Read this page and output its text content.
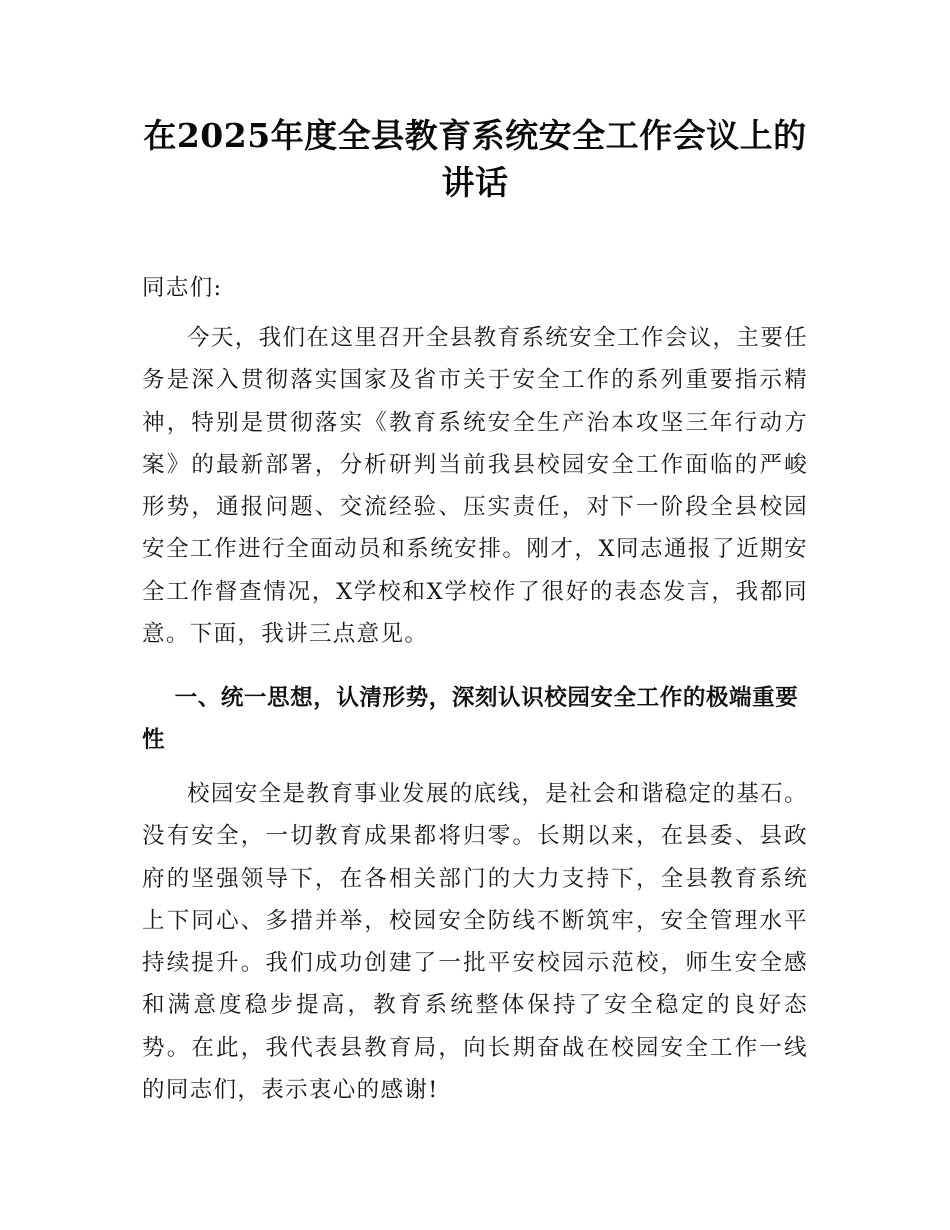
在2025年度全县教育系统安全工作会议上的讲话

同志们:

今天，我们在这里召开全县教育系统安全工作会议，主要任务是深入贯彻落实国家及省市关于安全工作的系列重要指示精神，特别是贯彻落实《教育系统安全生产治本攻坚三年行动方案》的最新部署，分析研判当前我县校园安全工作面临的严峻形势，通报问题、交流经验、压实责任，对下一阶段全县校园安全工作进行全面动员和系统安排。刚才，X同志通报了近期安全工作督查情况，X学校和X学校作了很好的表态发言，我都同意。下面，我讲三点意见。

一、统一思想，认清形势，深刻认识校园安全工作的极端重要性

校园安全是教育事业发展的底线，是社会和谐稳定的基石。没有安全，一切教育成果都将归零。长期以来，在县委、县政府的坚强领导下，在各相关部门的大力支持下，全县教育系统上下同心、多措并举，校园安全防线不断筑牢，安全管理水平持续提升。我们成功创建了一批平安校园示范校，师生安全感和满意度稳步提高，教育系统整体保持了安全稳定的良好态势。在此，我代表县教育局，向长期奋战在校园安全工作一线的同志们，表示衷心的感谢!
